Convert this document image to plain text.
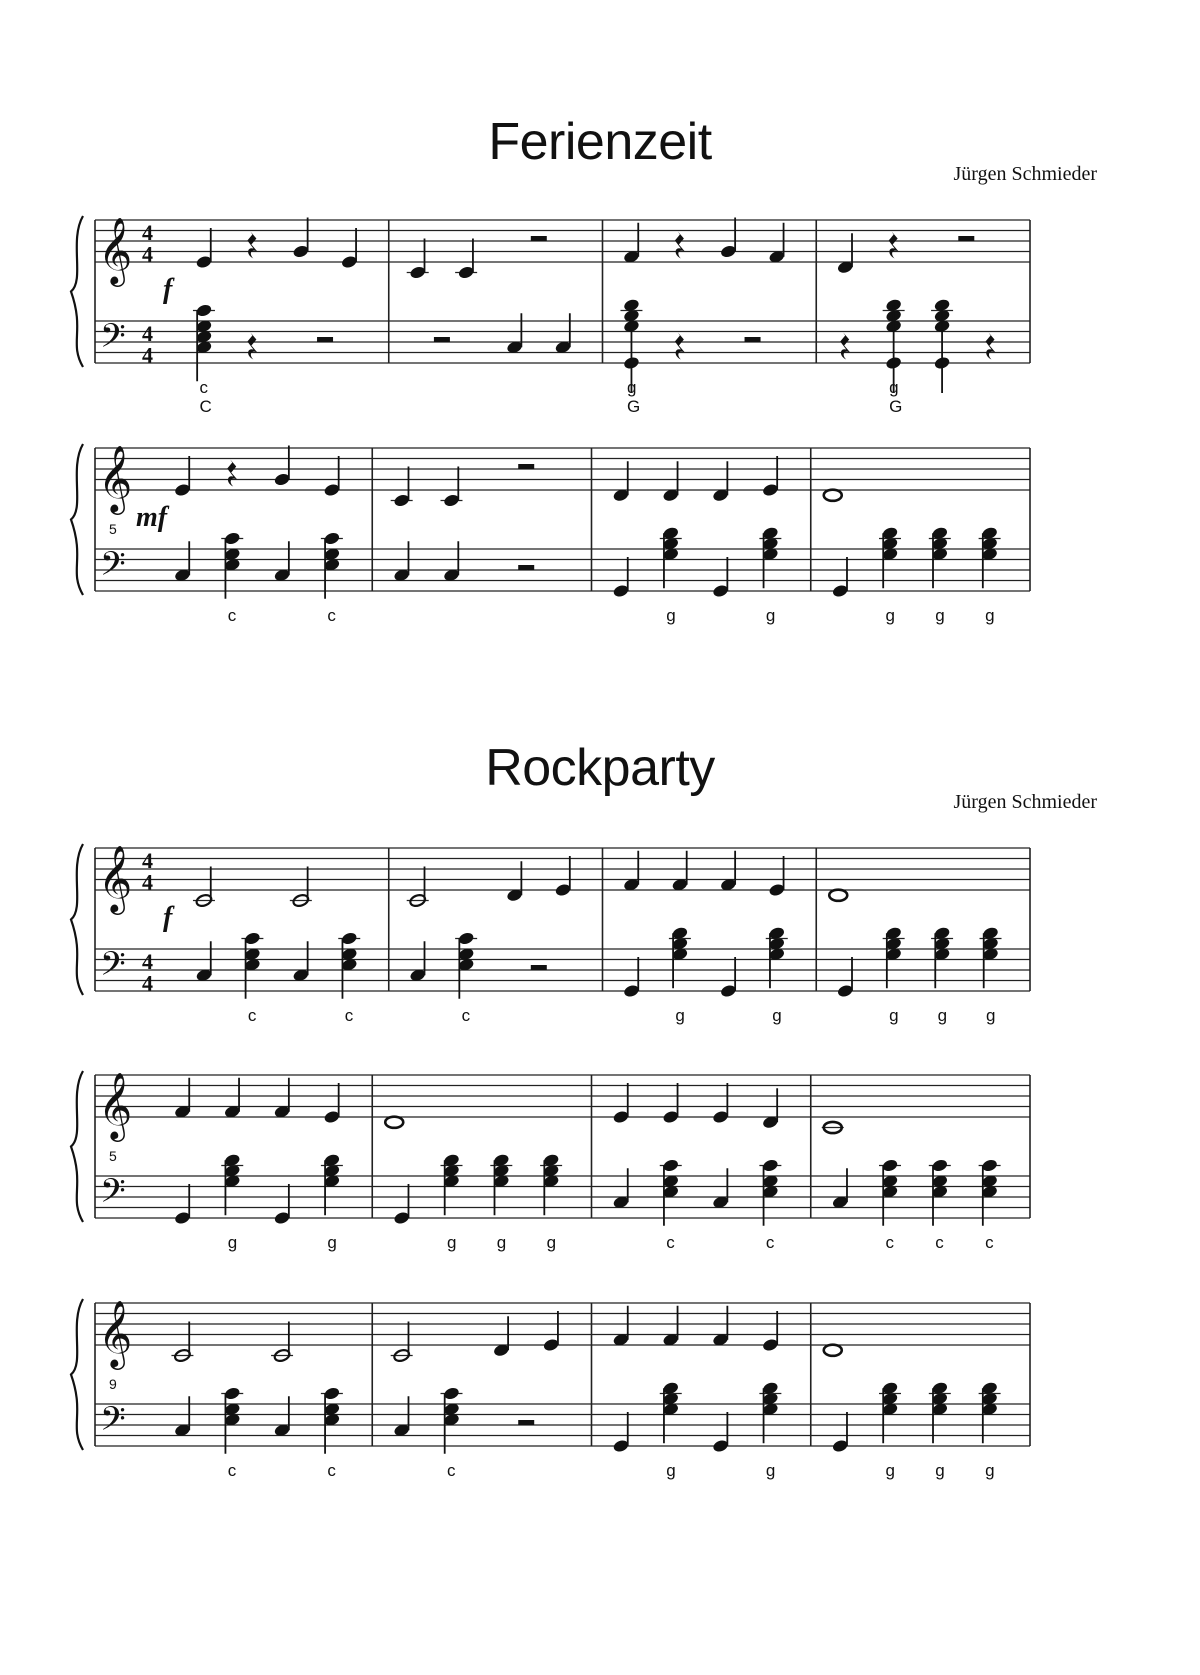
Ferienzeit
Jürgen Schmieder
𝄞
𝄢
4
4
4
4
f
c
C
g
G
g
G
𝄞
𝄢
mf
5
c	c	g	g	g g g
Rockparty
Jürgen Schmieder
𝄞
𝄢
4
4
4
4
f
c	c	c	g	g	g g g
𝄞
𝄢
5
g	g	g g g	c	c	c c c
𝄞
𝄢
9
c	c	c	g	g	g g g
